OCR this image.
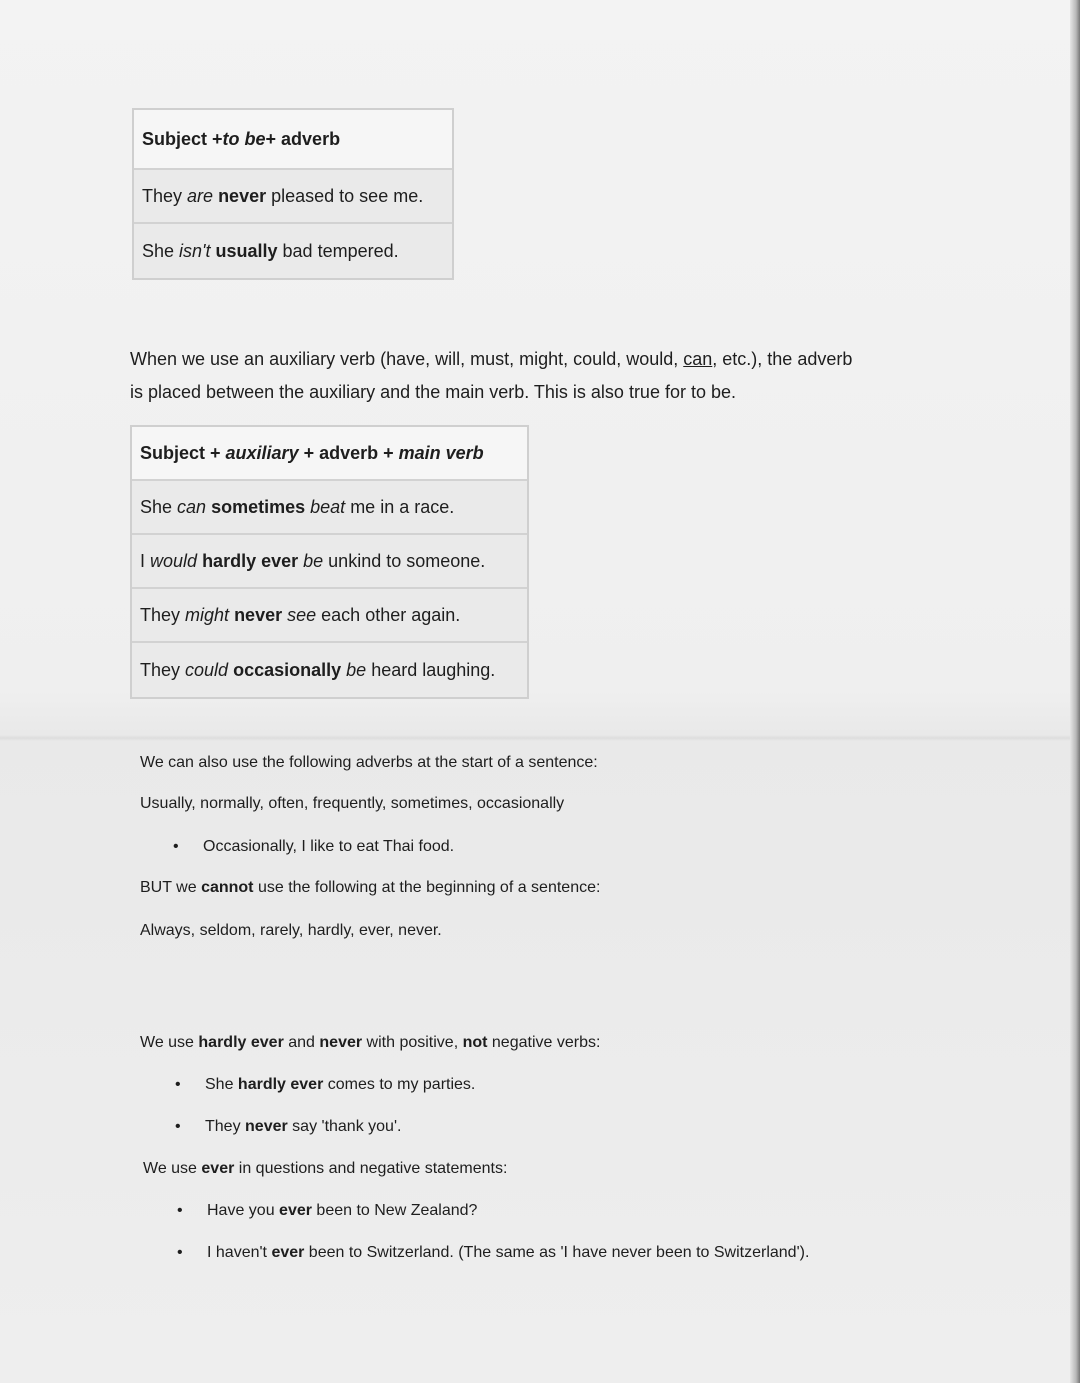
Subject + to be + adverb
They are
never pleased to see me.
She isn't
usually bad tempered.
When we use an auxiliary verb (have, will, must, might, could, would, can, etc.), the adverb
is placed between the auxiliary and the main verb. This is also true for to be.
Subject + auxiliary + adverb + main verb
She can
sometimes
beat me in a race.
I would
hardly ever
be unkind to someone.
They might
never
see each other again.
They could
occasionally
be heard laughing.
We can also use the following adverbs at the start of a sentence:
Usually, normally, often, frequently, sometimes, occasionally
• Occasionally, I like to eat Thai food.
BUT we cannot use the following at the beginning of a sentence:
Always, seldom, rarely, hardly, ever, never.
We use hardly ever and never with positive, not negative verbs:
• She hardly ever comes to my parties.
• They never say 'thank you'.
We use ever in questions and negative statements:
• Have you ever been to New Zealand?
• I haven't ever been to Switzerland. (The same as 'I have never been to Switzerland').
